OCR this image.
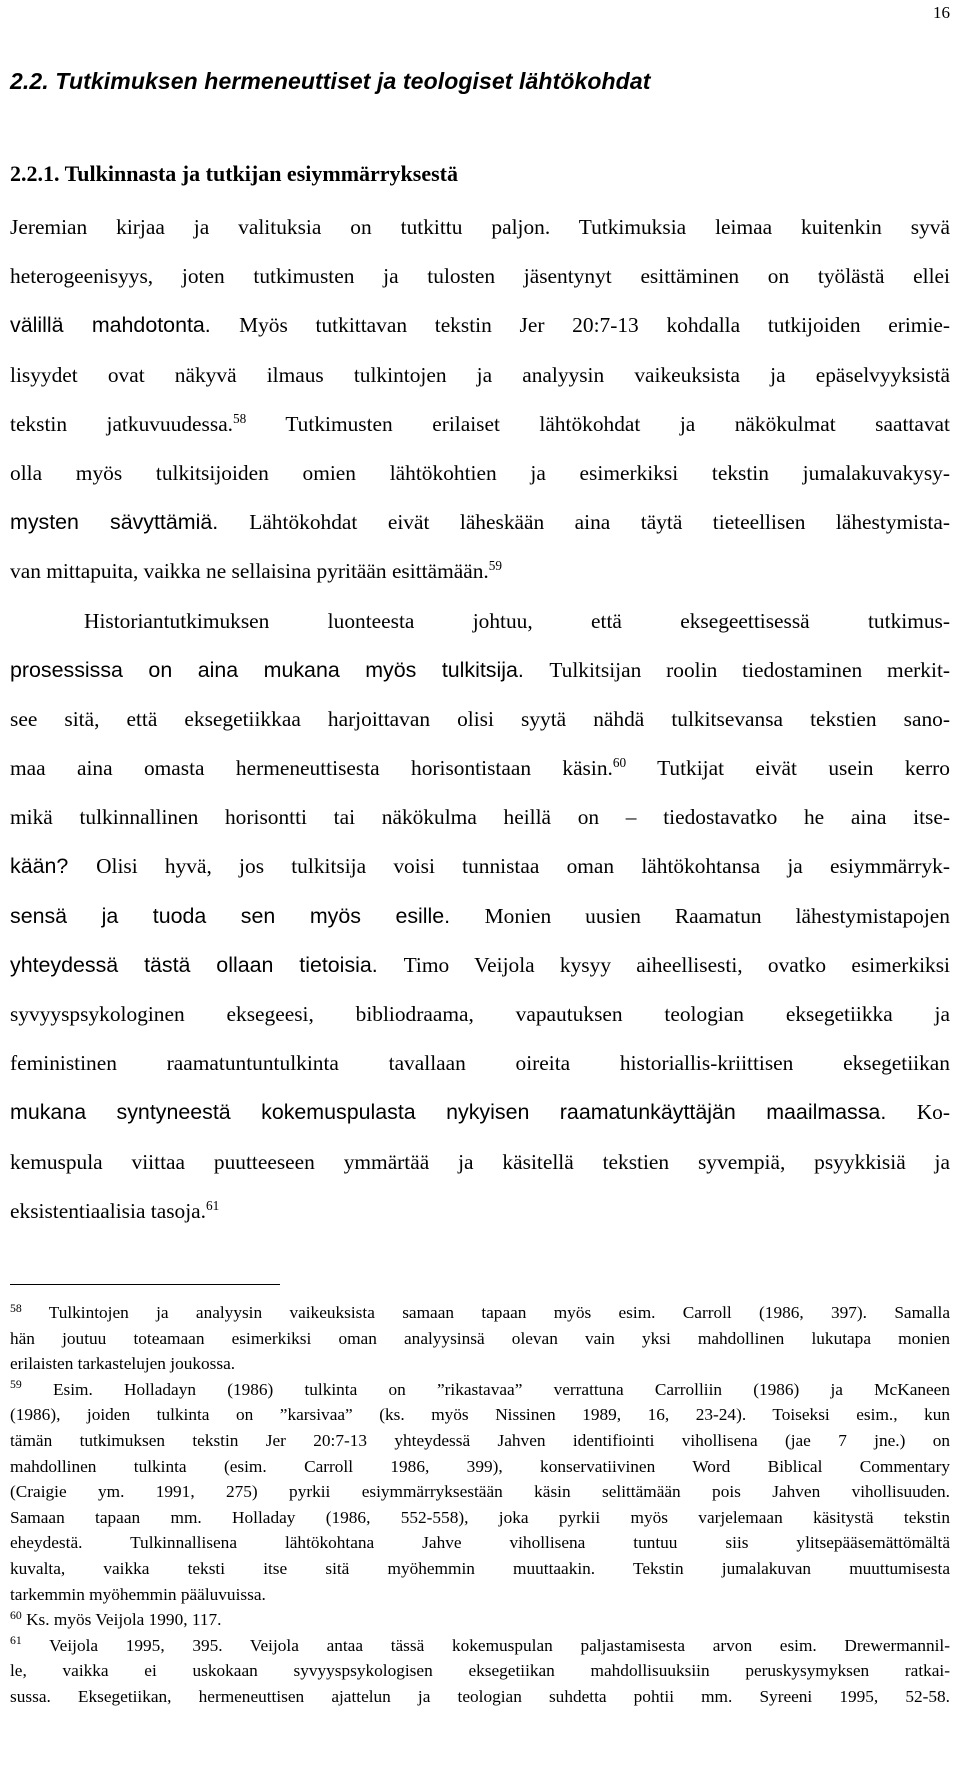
16
2.2. Tutkimuksen hermeneuttiset ja teologiset lähtökohdat
2.2.1. Tulkinnasta ja tutkijan esiymmärryksestä
Jeremian kirjaa ja valituksia on tutkittu paljon. Tutkimuksia leimaa kuitenkin syvä
heterogeenisyys, joten tutkimusten ja tulosten jäsentynyt esittäminen on työlästä ellei
välillä mahdotonta. Myös tutkittavan tekstin Jer 20:7-13 kohdalla tutkijoiden erimie-
lisyydet ovat näkyvä ilmaus tulkintojen ja analyysin vaikeuksista ja epäselvyyksistä
tekstin jatkuvuudessa.$^{58}$ Tutkimusten erilaiset lähtökohdat ja näkökulmat saattavat
olla myös tulkitsijoiden omien lähtökohtien ja esimerkiksi tekstin jumalakuvakysy-
mysten sävyttämiä. Lähtökohdat eivät läheskään aina täytä tieteellisen lähestymista-
van mittapuita, vaikka ne sellaisina pyritään esittämään.$^{59}$
Historiantutkimuksen luonteesta johtuu, että eksegeettisessä tutkimus-
prosessissa on aina mukana myös tulkitsija. Tulkitsijan roolin tiedostaminen merkit-
see sitä, että eksegetiikkaa harjoittavan olisi syytä nähdä tulkitsevansa tekstien sano-
maa aina omasta hermeneuttisesta horisontistaan käsin.$^{60}$ Tutkijat eivät usein kerro
mikä tulkinnallinen horisontti tai näkökulma heillä on – tiedostavatko he aina itse-
kään? Olisi hyvä, jos tulkitsija voisi tunnistaa oman lähtökohtansa ja esiymmärryk-
sensä ja tuoda sen myös esille. Monien uusien Raamatun lähestymistapojen
yhteydessä tästä ollaan tietoisia. Timo Veijola kysyy aiheellisesti, ovatko esimerkiksi
syvyyspsykologinen eksegeesi, bibliodraama, vapautuksen teologian eksegetiikka ja
feministinen raamatuntuntulkinta tavallaan oireita historiallis-kriittisen eksegetiikan
mukana syntyneestä kokemuspulasta nykyisen raamatunkäyttäjän maailmassa. Ko-
kemuspula viittaa puutteeseen ymmärtää ja käsitellä tekstien syvempiä, psyykkisiä ja
eksistentiaalisia tasoja.$^{61}$
$^{58}$ Tulkintojen ja analyysin vaikeuksista samaan tapaan myös esim. Carroll (1986, 397). Samalla
hän joutuu toteamaan esimerkiksi oman analyysinsä olevan vain yksi mahdollinen lukutapa monien
erilaisten tarkastelujen joukossa.
$^{59}$ Esim. Holladayn (1986) tulkinta on ”rikastavaa” verrattuna Carrolliin (1986) ja McKaneen
(1986), joiden tulkinta on ”karsivaa” (ks. myös Nissinen 1989, 16, 23-24). Toiseksi esim., kun
tämän tutkimuksen tekstin Jer 20:7-13 yhteydessä Jahven identifiointi vihollisena (jae 7 jne.) on
mahdollinen tulkinta (esim. Carroll 1986, 399), konservatiivinen Word Biblical Commentary
(Craigie ym. 1991, 275) pyrkii esiymmärryksestään käsin selittämään pois Jahven vihollisuuden.
Samaan tapaan mm. Holladay (1986, 552-558), joka pyrkii myös varjelemaan käsitystä tekstin
eheydestä. Tulkinnallisena lähtökohtana Jahve vihollisena tuntuu siis ylitsepääsemättömältä
kuvalta, vaikka teksti itse sitä myöhemmin muuttaakin. Tekstin jumalakuvan muuttumisesta
tarkemmin myöhemmin pääluvuissa.
$^{60}$ Ks. myös Veijola 1990, 117.
$^{61}$ Veijola 1995, 395. Veijola antaa tässä kokemuspulan paljastamisesta arvon esim. Drewermannil-
le, vaikka ei uskokaan syvyyspsykologisen eksegetiikan mahdollisuuksiin peruskysymyksen ratkai-
sussa. Eksegetiikan, hermeneuttisen ajattelun ja teologian suhdetta pohtii mm. Syreeni 1995, 52-58.
